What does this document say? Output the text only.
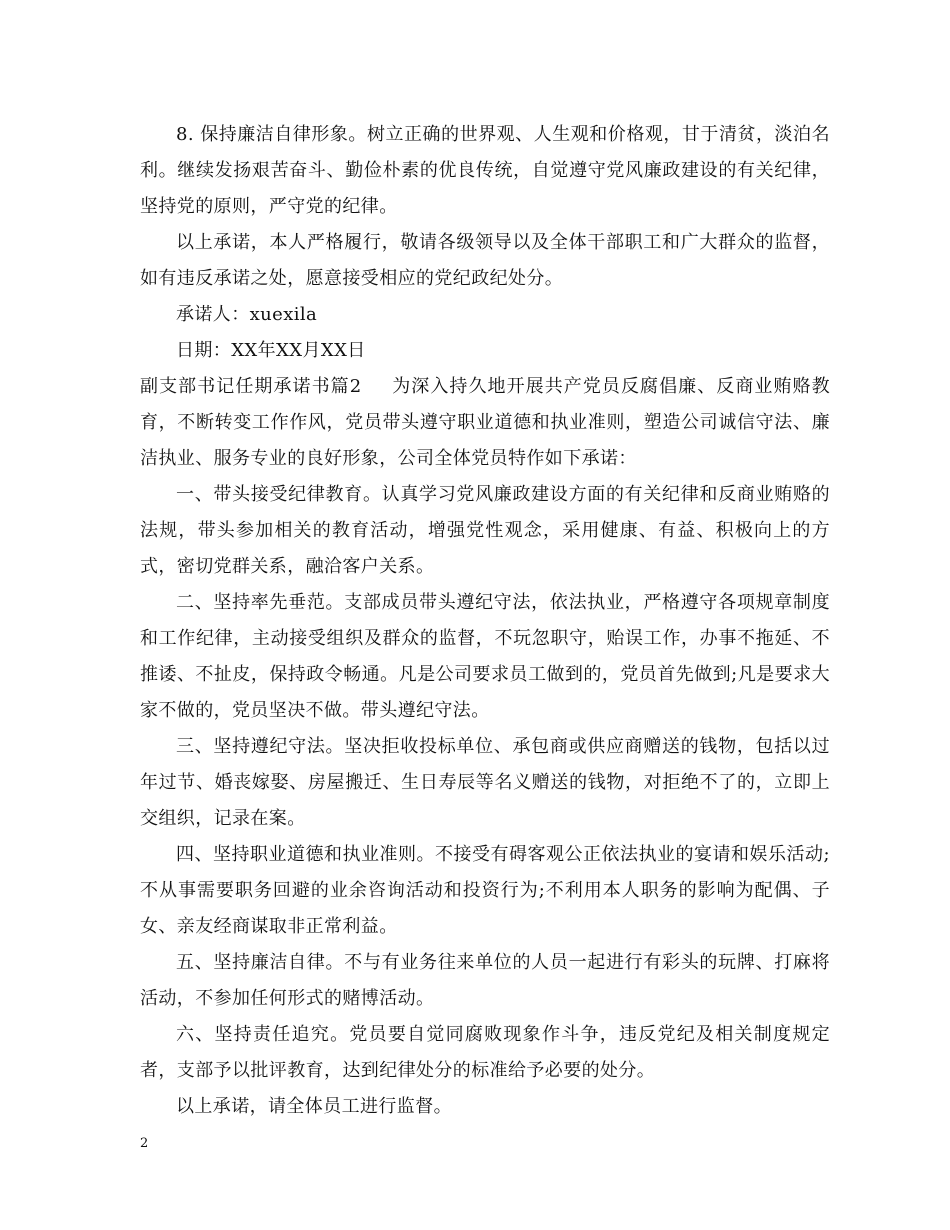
8. 保持廉洁自律形象。树立正确的世界观、人生观和价格观，甘于清贫，淡泊名利。继续发扬艰苦奋斗、勤俭朴素的优良传统，自觉遵守党风廉政建设的有关纪律，坚持党的原则，严守党的纪律。

以上承诺，本人严格履行，敬请各级领导以及全体干部职工和广大群众的监督，如有违反承诺之处，愿意接受相应的党纪政纪处分。

承诺人：xuexila

日期：XX年XX月XX日

副支部书记任期承诺书篇2 为深入持久地开展共产党员反腐倡廉、反商业贿赂教育，不断转变工作作风，党员带头遵守职业道德和执业准则，塑造公司诚信守法、廉洁执业、服务专业的良好形象，公司全体党员特作如下承诺：

一、带头接受纪律教育。认真学习党风廉政建设方面的有关纪律和反商业贿赂的法规，带头参加相关的教育活动，增强党性观念，采用健康、有益、积极向上的方式，密切党群关系，融洽客户关系。

二、坚持率先垂范。支部成员带头遵纪守法，依法执业，严格遵守各项规章制度和工作纪律，主动接受组织及群众的监督，不玩忽职守，贻误工作，办事不拖延、不推诿、不扯皮，保持政令畅通。凡是公司要求员工做到的，党员首先做到;凡是要求大家不做的，党员坚决不做。带头遵纪守法。

三、坚持遵纪守法。坚决拒收投标单位、承包商或供应商赠送的钱物，包括以过年过节、婚丧嫁娶、房屋搬迁、生日寿辰等名义赠送的钱物，对拒绝不了的，立即上交组织，记录在案。

四、坚持职业道德和执业准则。不接受有碍客观公正依法执业的宴请和娱乐活动;不从事需要职务回避的业余咨询活动和投资行为;不利用本人职务的影响为配偶、子女、亲友经商谋取非正常利益。

五、坚持廉洁自律。不与有业务往来单位的人员一起进行有彩头的玩牌、打麻将活动，不参加任何形式的赌博活动。

六、坚持责任追究。党员要自觉同腐败现象作斗争，违反党纪及相关制度规定者，支部予以批评教育，达到纪律处分的标准给予必要的处分。

以上承诺，请全体员工进行监督。

2
